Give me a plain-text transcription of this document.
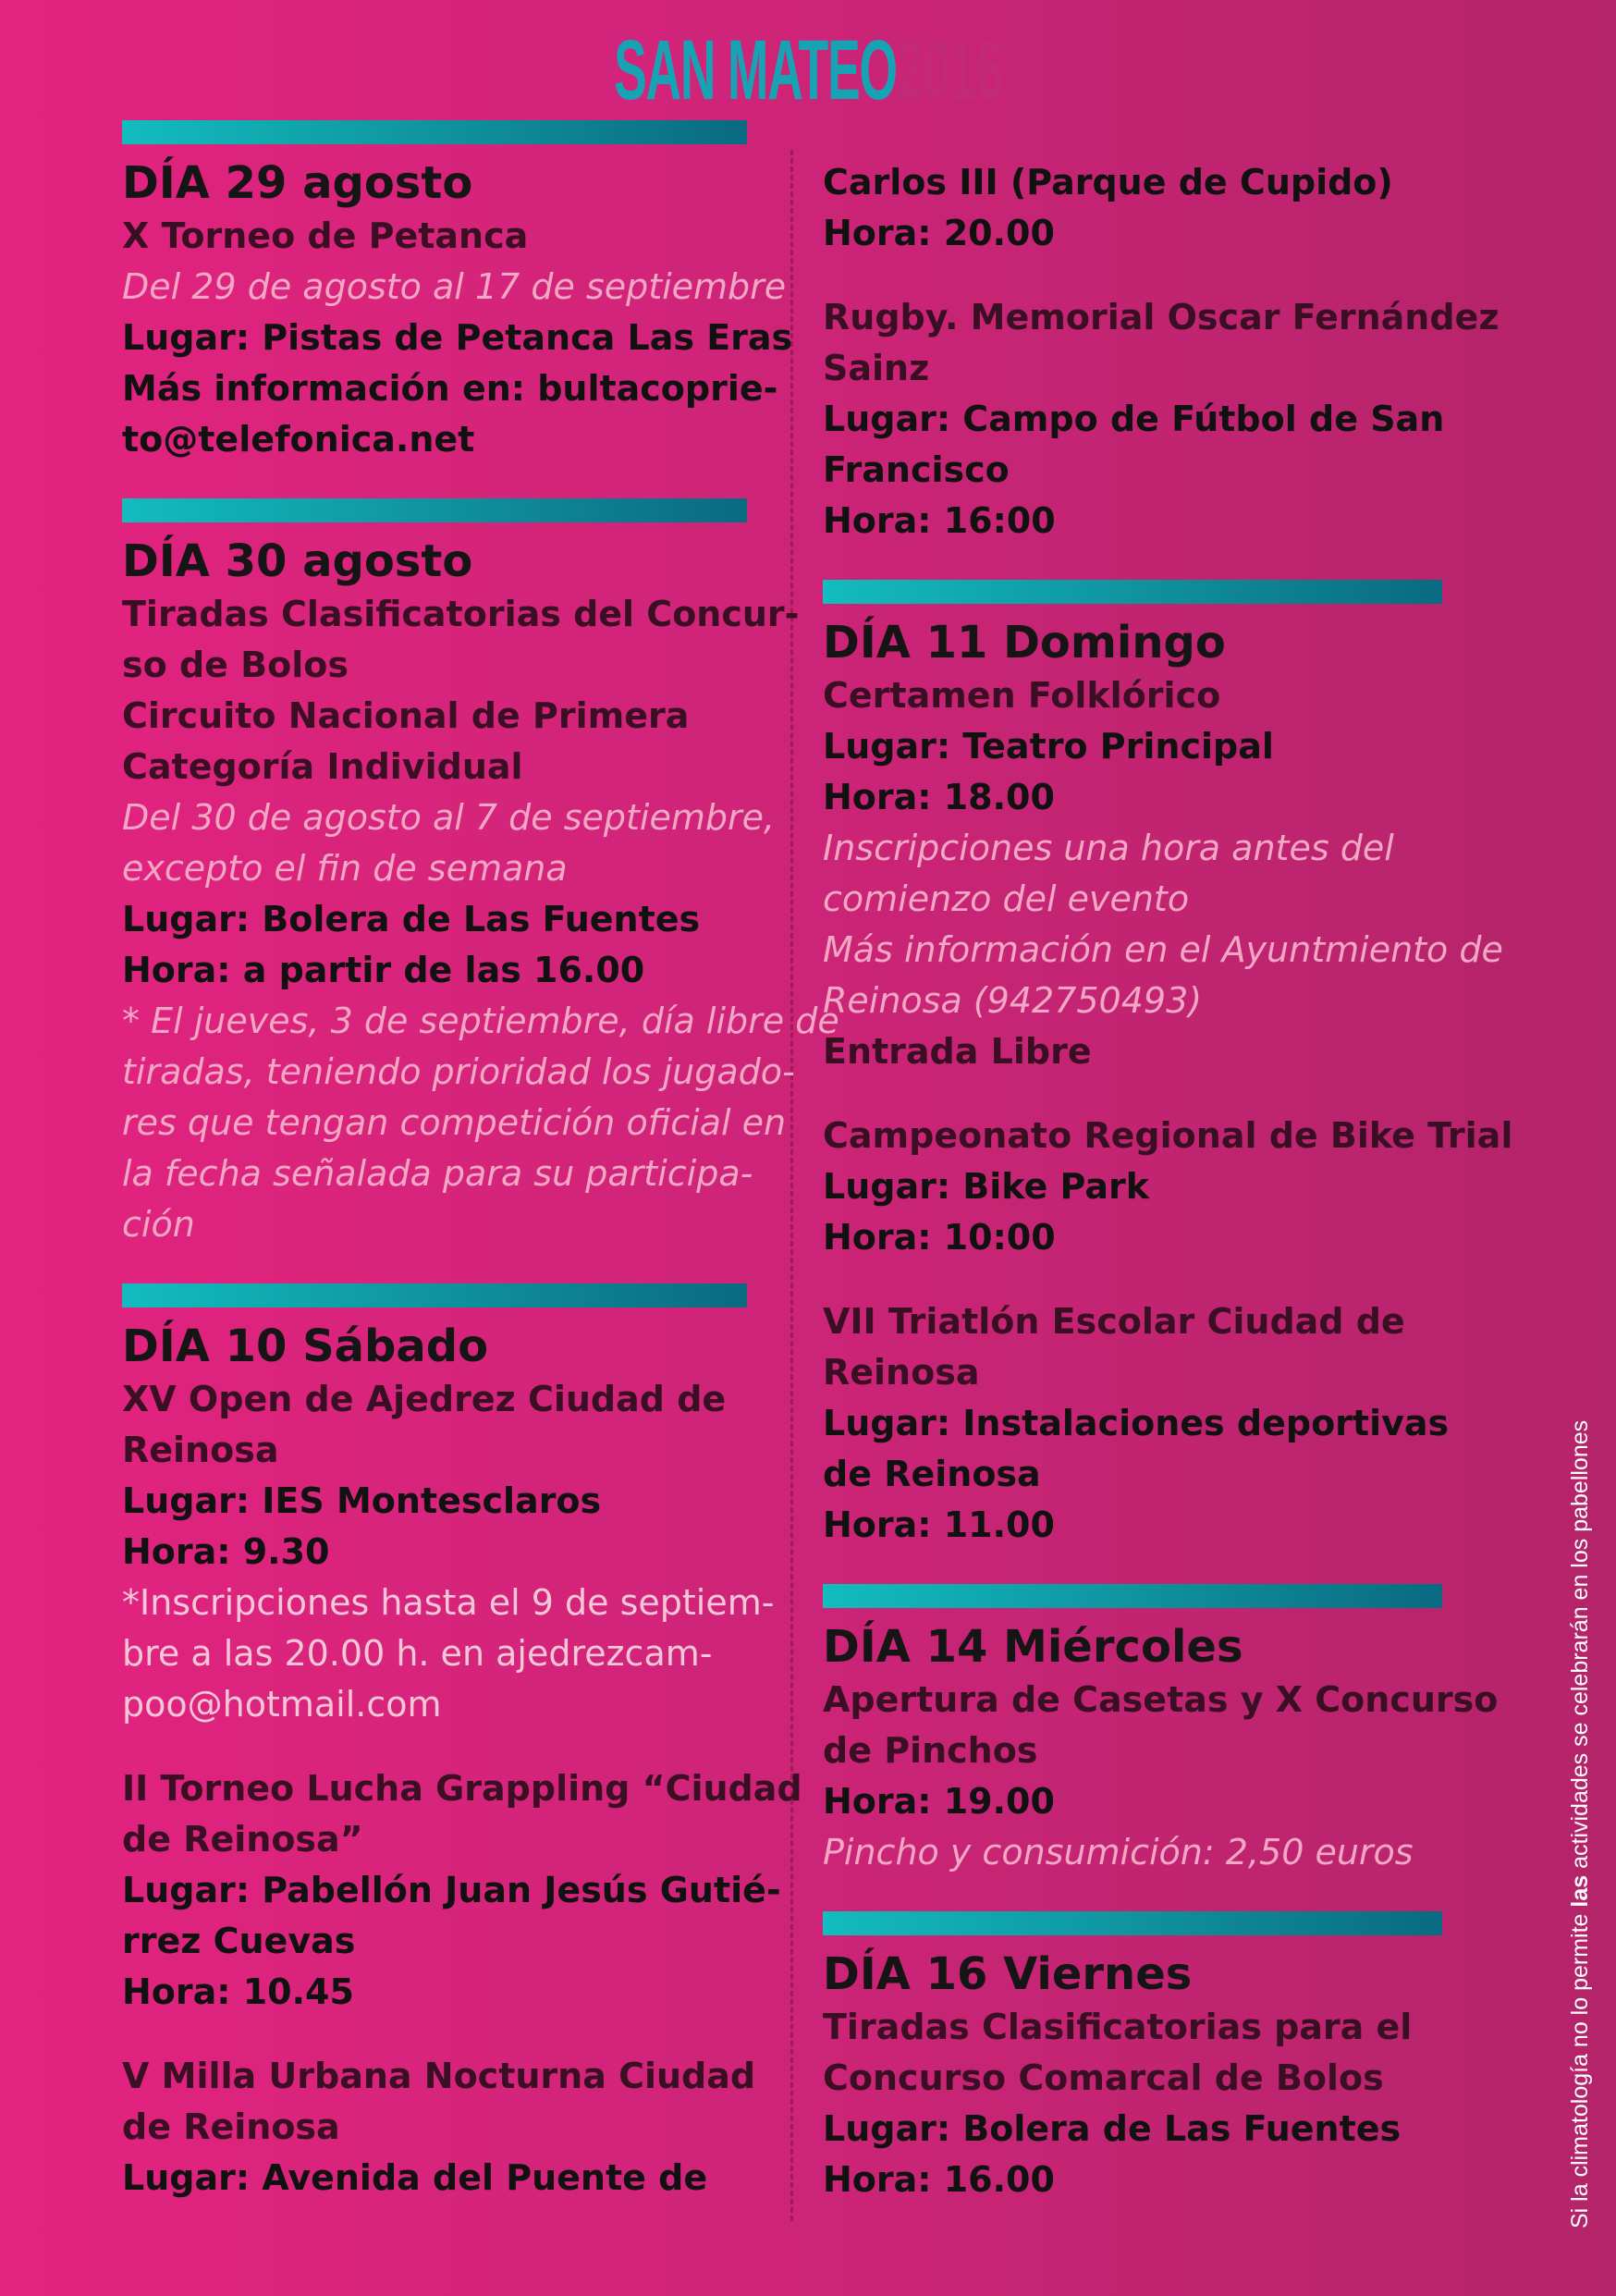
SAN MATEO2016
DÍA 29 agosto
X Torneo de Petanca
Del 29 de agosto al 17 de septiembre
Lugar: Pistas de Petanca Las Eras
Más información en: bultacoprie-
to@telefonica.net
DÍA 30 agosto
Tiradas Clasificatorias del Concur-
so de Bolos
Circuito Nacional de Primera
Categoría Individual
Del 30 de agosto al 7 de septiembre,
excepto el fin de semana
Lugar: Bolera de Las Fuentes
Hora: a partir de las 16.00
* El jueves, 3 de septiembre, día libre de
tiradas, teniendo prioridad los jugado-
res que tengan competición oficial en
la fecha señalada para su participa-
ción
DÍA 10 Sábado
XV Open de Ajedrez Ciudad de
Reinosa
Lugar: IES Montesclaros
Hora: 9.30
*Inscripciones hasta el 9 de septiem-
bre a las 20.00 h. en ajedrezcam-
poo@hotmail.com
II Torneo Lucha Grappling “Ciudad
de Reinosa”
Lugar: Pabellón Juan Jesús Gutié-
rrez Cuevas
Hora: 10.45
V Milla Urbana Nocturna Ciudad
de Reinosa
Lugar: Avenida del Puente de
Carlos III (Parque de Cupido)
Hora: 20.00
Rugby. Memorial Oscar Fernández
Sainz
Lugar: Campo de Fútbol de San
Francisco
Hora: 16:00
DÍA 11 Domingo
Certamen Folklórico
Lugar: Teatro Principal
Hora: 18.00
Inscripciones una hora antes del
comienzo del evento
Más información en el Ayuntmiento de
Reinosa (942750493)
Entrada Libre
Campeonato Regional de Bike Trial
Lugar: Bike Park
Hora: 10:00
VII Triatlón Escolar Ciudad de
Reinosa
Lugar: Instalaciones deportivas
de Reinosa
Hora: 11.00
DÍA 14 Miércoles
Apertura de Casetas y X Concurso
de Pinchos
Hora: 19.00
Pincho y consumición: 2,50 euros
DÍA 16 Viernes
Tiradas Clasificatorias para el
Concurso Comarcal de Bolos
Lugar: Bolera de Las Fuentes
Hora: 16.00	Si la climatología no lo permite las actividades se celebrarán en los pabellones
